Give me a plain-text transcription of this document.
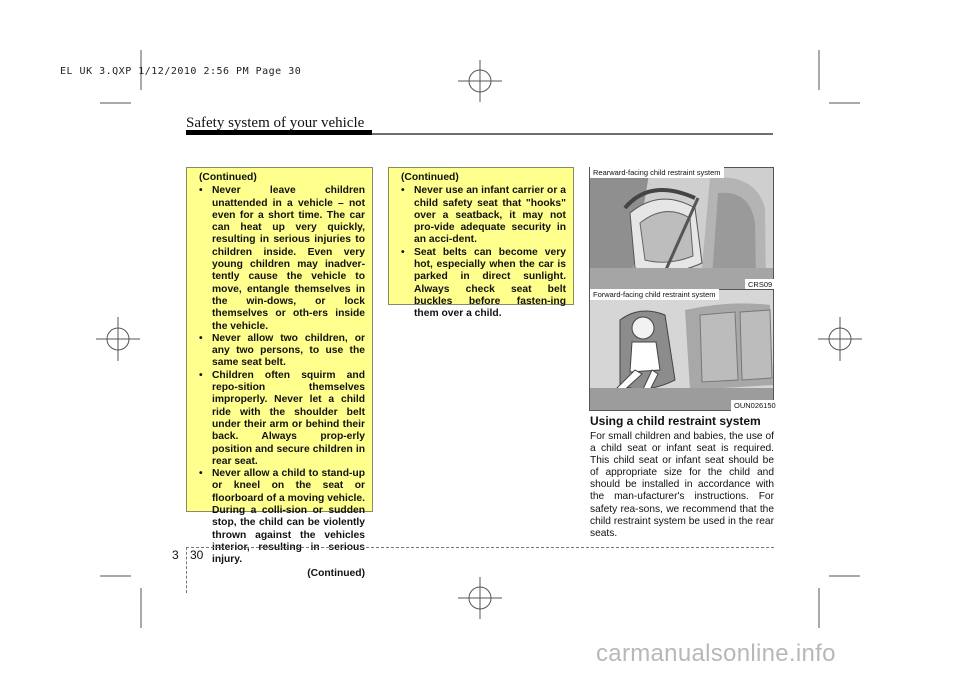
EL UK 3.QXP 1/12/2010 2:56 PM Page 30
Safety system of your vehicle
(Continued)
• Never leave children unattended in a vehicle – not even for a short time. The car can heat up very quickly, resulting in serious injuries to children inside. Even very young children may inadver-tently cause the vehicle to move, entangle themselves in the win-dows, or lock themselves or oth-ers inside the vehicle.
• Never allow two children, or any two persons, to use the same seat belt.
• Children often squirm and repo-sition themselves improperly. Never let a child ride with the shoulder belt under their arm or behind their back. Always prop-erly position and secure children in rear seat.
• Never allow a child to stand-up or kneel on the seat or floorboard of a moving vehicle. During a colli-sion or sudden stop, the child can be violently thrown against the vehicles interior, resulting in serious injury.
(Continued)
(Continued)
• Never use an infant carrier or a child safety seat that "hooks" over a seatback, it may not pro-vide adequate security in an acci-dent.
• Seat belts can become very hot, especially when the car is parked in direct sunlight. Always check seat belt buckles before fasten-ing them over a child.
Rearward-facing child restraint system
CRS09
Forward-facing child restraint system
OUN026150
Using a child restraint system
For small children and babies, the use of a child seat or infant seat is required. This child seat or infant seat should be of appropriate size for the child and should be installed in accordance with the man-ufacturer's instructions. For safety rea-sons, we recommend that the child restraint system be used in the rear seats.
3 30
carmanualsonline.info
